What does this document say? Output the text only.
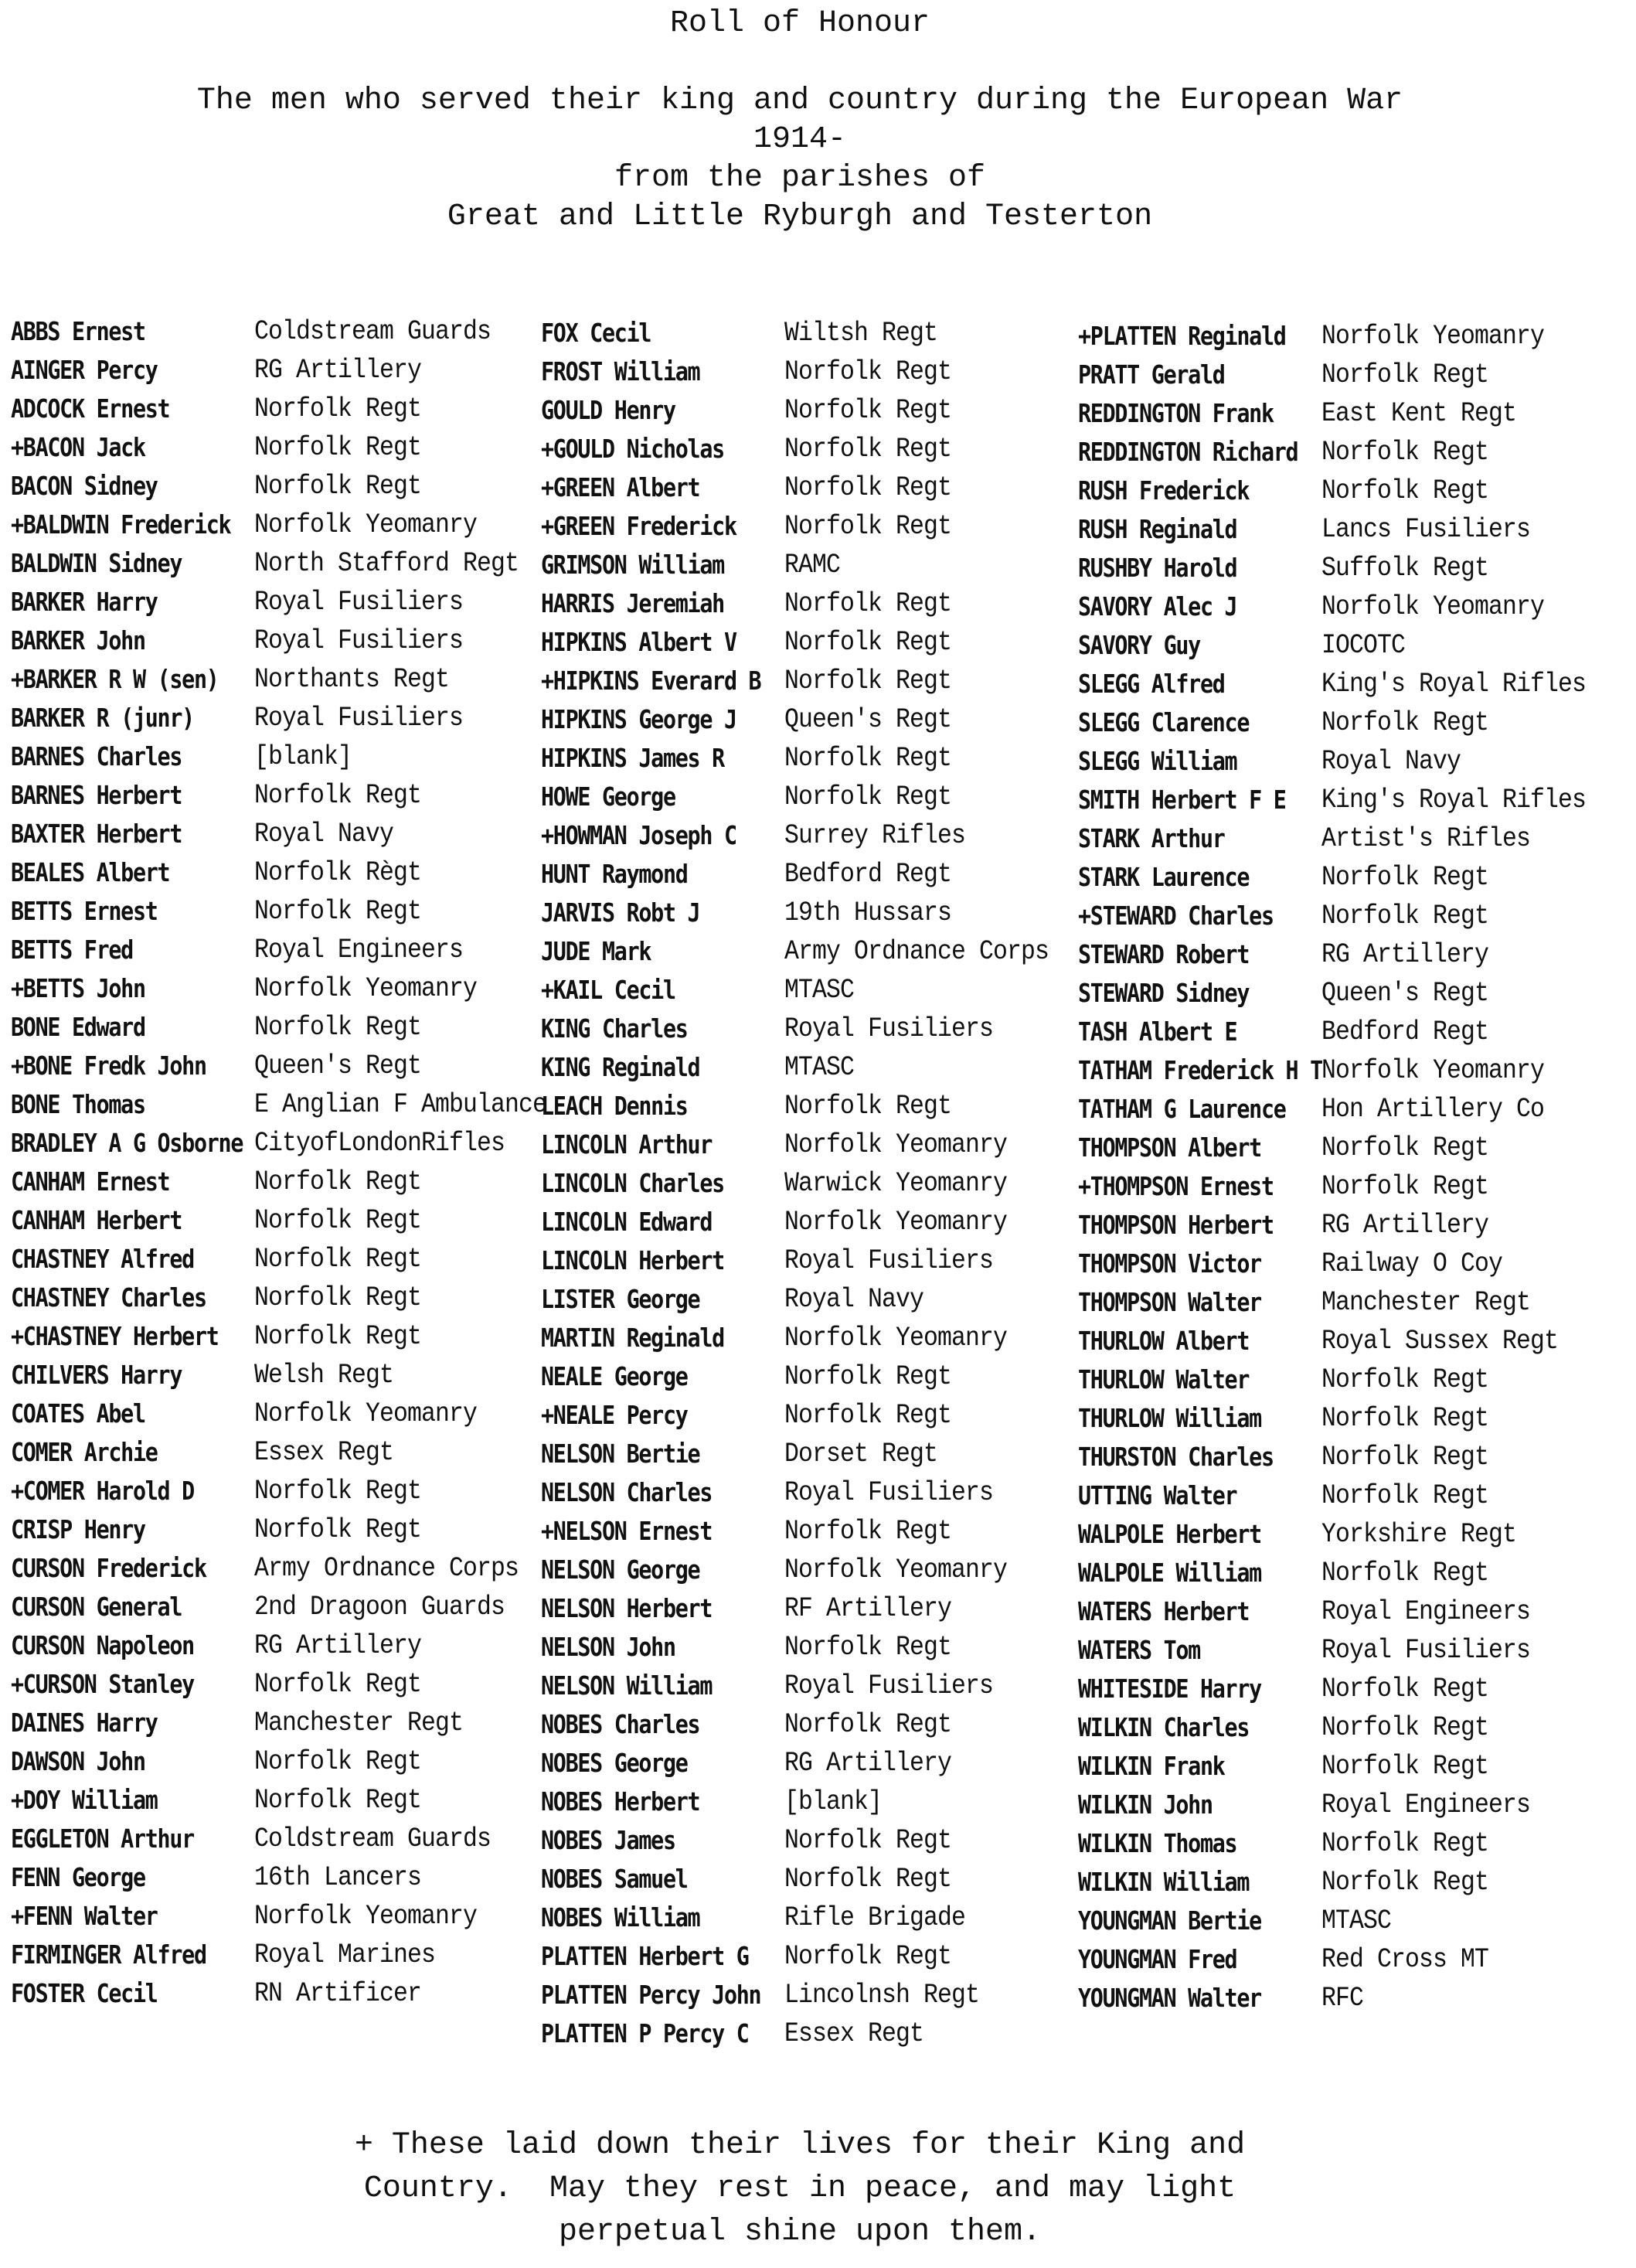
Roll of Honour
The men who served their king and country during the European War
1914-
from the parishes of
Great and Little Ryburgh and Testerton
ABBS Ernest	Coldstream Guards
AINGER Percy	RG Artillery
ADCOCK Ernest	Norfolk Regt
+BACON Jack	Norfolk Regt
BACON Sidney	Norfolk Regt
+BALDWIN Frederick Norfolk Yeomanry
BALDWIN Sidney	North Stafford Regt
BARKER Harry	Royal Fusiliers
BARKER John	Royal Fusiliers
+BARKER R W (sen) Northants Regt
BARKER R (junr)	Royal Fusiliers
BARNES Charles	[blank]
BARNES Herbert	Norfolk Regt
BAXTER Herbert	Royal Navy
BEALES Albert	Norfolk Règt
BETTS Ernest	Norfolk Regt
BETTS Fred	Royal Engineers
+BETTS John	Norfolk Yeomanry
BONE Edward	Norfolk Regt
+BONE Fredk John	Queen's Regt
BONE Thomas	E Anglian F Ambulance
BRADLEY A G Osborne CityofLondonRifles
CANHAM Ernest	Norfolk Regt
CANHAM Herbert	Norfolk Regt
CHASTNEY Alfred	Norfolk Regt
CHASTNEY Charles	Norfolk Regt
+CHASTNEY Herbert Norfolk Regt
CHILVERS Harry	Welsh Regt
COATES Abel	Norfolk Yeomanry
COMER Archie	Essex Regt
+COMER Harold D	Norfolk Regt
CRISP Henry	Norfolk Regt
CURSON Frederick	Army Ordnance Corps
CURSON General	2nd Dragoon Guards
CURSON Napoleon	RG Artillery
+CURSON Stanley	Norfolk Regt
DAINES Harry	Manchester Regt
DAWSON John	Norfolk Regt
+DOY William	Norfolk Regt
EGGLETON Arthur	Coldstream Guards
FENN George	16th Lancers
+FENN Walter	Norfolk Yeomanry
FIRMINGER Alfred	Royal Marines
FOSTER Cecil	RN Artificer
FOX Cecil	Wiltsh Regt
FROST William	Norfolk Regt
GOULD Henry	Norfolk Regt
+GOULD Nicholas	Norfolk Regt
+GREEN Albert	Norfolk Regt
+GREEN Frederick	Norfolk Regt
GRIMSON William	RAMC
HARRIS Jeremiah	Norfolk Regt
HIPKINS Albert V	Norfolk Regt
+HIPKINS Everard B Norfolk Regt
HIPKINS George J	Queen's Regt
HIPKINS James R	Norfolk Regt
HOWE George	Norfolk Regt
+HOWMAN Joseph C	Surrey Rifles
HUNT Raymond	Bedford Regt
JARVIS Robt J	19th Hussars
JUDE Mark	Army Ordnance Corps
+KAIL Cecil	MTASC
KING Charles	Royal Fusiliers
KING Reginald	MTASC
LEACH Dennis	Norfolk Regt
LINCOLN Arthur	Norfolk Yeomanry
LINCOLN Charles	Warwick Yeomanry
LINCOLN Edward	Norfolk Yeomanry
LINCOLN Herbert	Royal Fusiliers
LISTER George	Royal Navy
MARTIN Reginald	Norfolk Yeomanry
NEALE George	Norfolk Regt
+NEALE Percy	Norfolk Regt
NELSON Bertie	Dorset Regt
NELSON Charles	Royal Fusiliers
+NELSON Ernest	Norfolk Regt
NELSON George	Norfolk Yeomanry
NELSON Herbert	RF Artillery
NELSON John	Norfolk Regt
NELSON William	Royal Fusiliers
NOBES Charles	Norfolk Regt
NOBES George	RG Artillery
NOBES Herbert	[blank]
NOBES James	Norfolk Regt
NOBES Samuel	Norfolk Regt
NOBES William	Rifle Brigade
PLATTEN Herbert G Norfolk Regt
PLATTEN Percy John Lincolnsh Regt
PLATTEN P Percy C Essex Regt
+PLATTEN Reginald Norfolk Yeomanry
PRATT Gerald	Norfolk Regt
REDDINGTON Frank	East Kent Regt
REDDINGTON Richard Norfolk Regt
RUSH Frederick	Norfolk Regt
RUSH Reginald	Lancs Fusiliers
RUSHBY Harold	Suffolk Regt
SAVORY Alec J	Norfolk Yeomanry
SAVORY Guy	IOCOTC
SLEGG Alfred	King's Royal Rifles
SLEGG Clarence	Norfolk Regt
SLEGG William	Royal Navy
SMITH Herbert F E King's Royal Rifles
STARK Arthur	Artist's Rifles
STARK Laurence	Norfolk Regt
+STEWARD Charles	Norfolk Regt
STEWARD Robert	RG Artillery
STEWARD Sidney	Queen's Regt
TASH Albert E	Bedford Regt
TATHAM Frederick H T Norfolk Yeomanry
TATHAM G Laurence Hon Artillery Co
THOMPSON Albert	Norfolk Regt
+THOMPSON Ernest	Norfolk Regt
THOMPSON Herbert	RG Artillery
THOMPSON Victor	Railway O Coy
THOMPSON Walter	Manchester Regt
THURLOW Albert	Royal Sussex Regt
THURLOW Walter	Norfolk Regt
THURLOW William	Norfolk Regt
THURSTON Charles	Norfolk Regt
UTTING Walter	Norfolk Regt
WALPOLE Herbert	Yorkshire Regt
WALPOLE William	Norfolk Regt
WATERS Herbert	Royal Engineers
WATERS Tom	Royal Fusiliers
WHITESIDE Harry	Norfolk Regt
WILKIN Charles	Norfolk Regt
WILKIN Frank	Norfolk Regt
WILKIN John	Royal Engineers
WILKIN Thomas	Norfolk Regt
WILKIN William	Norfolk Regt
YOUNGMAN Bertie	MTASC
YOUNGMAN Fred	Red Cross MT
YOUNGMAN Walter	RFC
+ These laid down their lives for their King and
Country.  May they rest in peace, and may light
perpetual shine upon them.
